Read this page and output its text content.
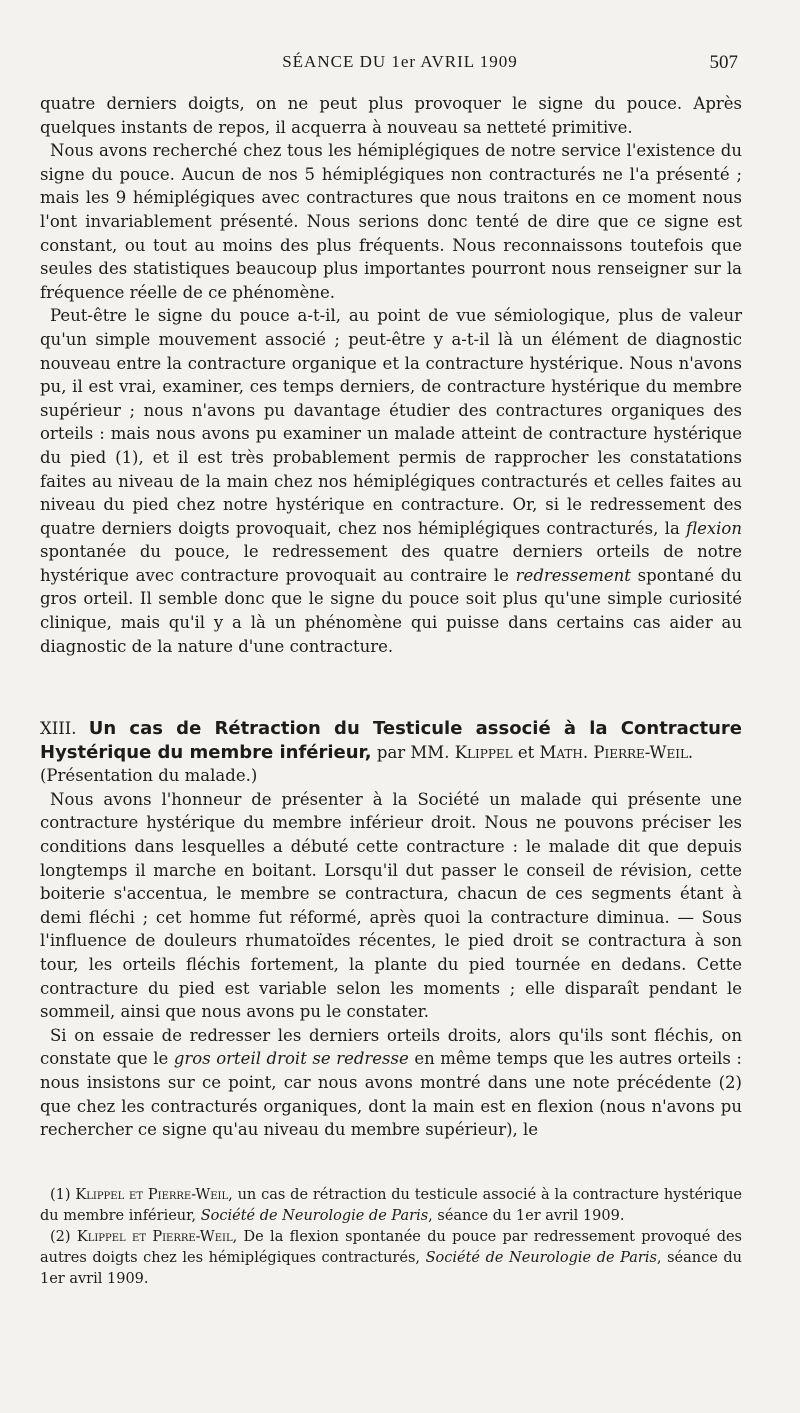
SÉANCE DU 1er AVRIL 1909	507

quatre derniers doigts, on ne peut plus provoquer le signe du pouce. Après quelques instants de repos, il acquerra à nouveau sa netteté primitive.

Nous avons recherché chez tous les hémiplégiques de notre service l'existence du signe du pouce. Aucun de nos 5 hémiplégiques non contracturés ne l'a présenté ; mais les 9 hémiplégiques avec contractures que nous traitons en ce moment nous l'ont invariablement présenté. Nous serions donc tenté de dire que ce signe est constant, ou tout au moins des plus fréquents. Nous reconnaissons toutefois que seules des statistiques beaucoup plus importantes pourront nous renseigner sur la fréquence réelle de ce phénomène.

Peut-être le signe du pouce a-t-il, au point de vue sémiologique, plus de valeur qu'un simple mouvement associé ; peut-être y a-t-il là un élément de diagnostic nouveau entre la contracture organique et la contracture hystérique. Nous n'avons pu, il est vrai, examiner, ces temps derniers, de contracture hystérique du membre supérieur ; nous n'avons pu davantage étudier des contractures organiques des orteils : mais nous avons pu examiner un malade atteint de contracture hystérique du pied (1), et il est très probablement permis de rapprocher les constatations faites au niveau de la main chez nos hémiplégiques contracturés et celles faites au niveau du pied chez notre hystérique en contracture. Or, si le redressement des quatre derniers doigts provoquait, chez nos hémiplégiques contracturés, la flexion spontanée du pouce, le redressement des quatre derniers orteils de notre hystérique avec contracture provoquait au contraire le redressement spontané du gros orteil. Il semble donc que le signe du pouce soit plus qu'une simple curiosité clinique, mais qu'il y a là un phénomène qui puisse dans certains cas aider au diagnostic de la nature d'une contracture.

XIII. Un cas de Rétraction du Testicule associé à la Contracture Hystérique du membre inférieur, par MM. Klippel et Math. Pierre-Weil.

(Présentation du malade.)

Nous avons l'honneur de présenter à la Société un malade qui présente une contracture hystérique du membre inférieur droit. Nous ne pouvons préciser les conditions dans lesquelles a débuté cette contracture : le malade dit que depuis longtemps il marche en boitant. Lorsqu'il dut passer le conseil de révision, cette boiterie s'accentua, le membre se contractura, chacun de ces segments étant à demi fléchi ; cet homme fut réformé, après quoi la contracture diminua. — Sous l'influence de douleurs rhumatoïdes récentes, le pied droit se contractura à son tour, les orteils fléchis fortement, la plante du pied tournée en dedans. Cette contracture du pied est variable selon les moments ; elle disparaît pendant le sommeil, ainsi que nous avons pu le constater.

Si on essaie de redresser les derniers orteils droits, alors qu'ils sont fléchis, on constate que le gros orteil droit se redresse en même temps que les autres orteils : nous insistons sur ce point, car nous avons montré dans une note précédente (2) que chez les contracturés organiques, dont la main est en flexion (nous n'avons pu rechercher ce signe qu'au niveau du membre supérieur), le

(1) Klippel et Pierre-Weil, un cas de rétraction du testicule associé à la contracture hystérique du membre inférieur, Société de Neurologie de Paris, séance du 1er avril 1909.

(2) Klippel et Pierre-Weil, De la flexion spontanée du pouce par redressement provoqué des autres doigts chez les hémiplégiques contracturés, Société de Neurologie de Paris, séance du 1er avril 1909.
